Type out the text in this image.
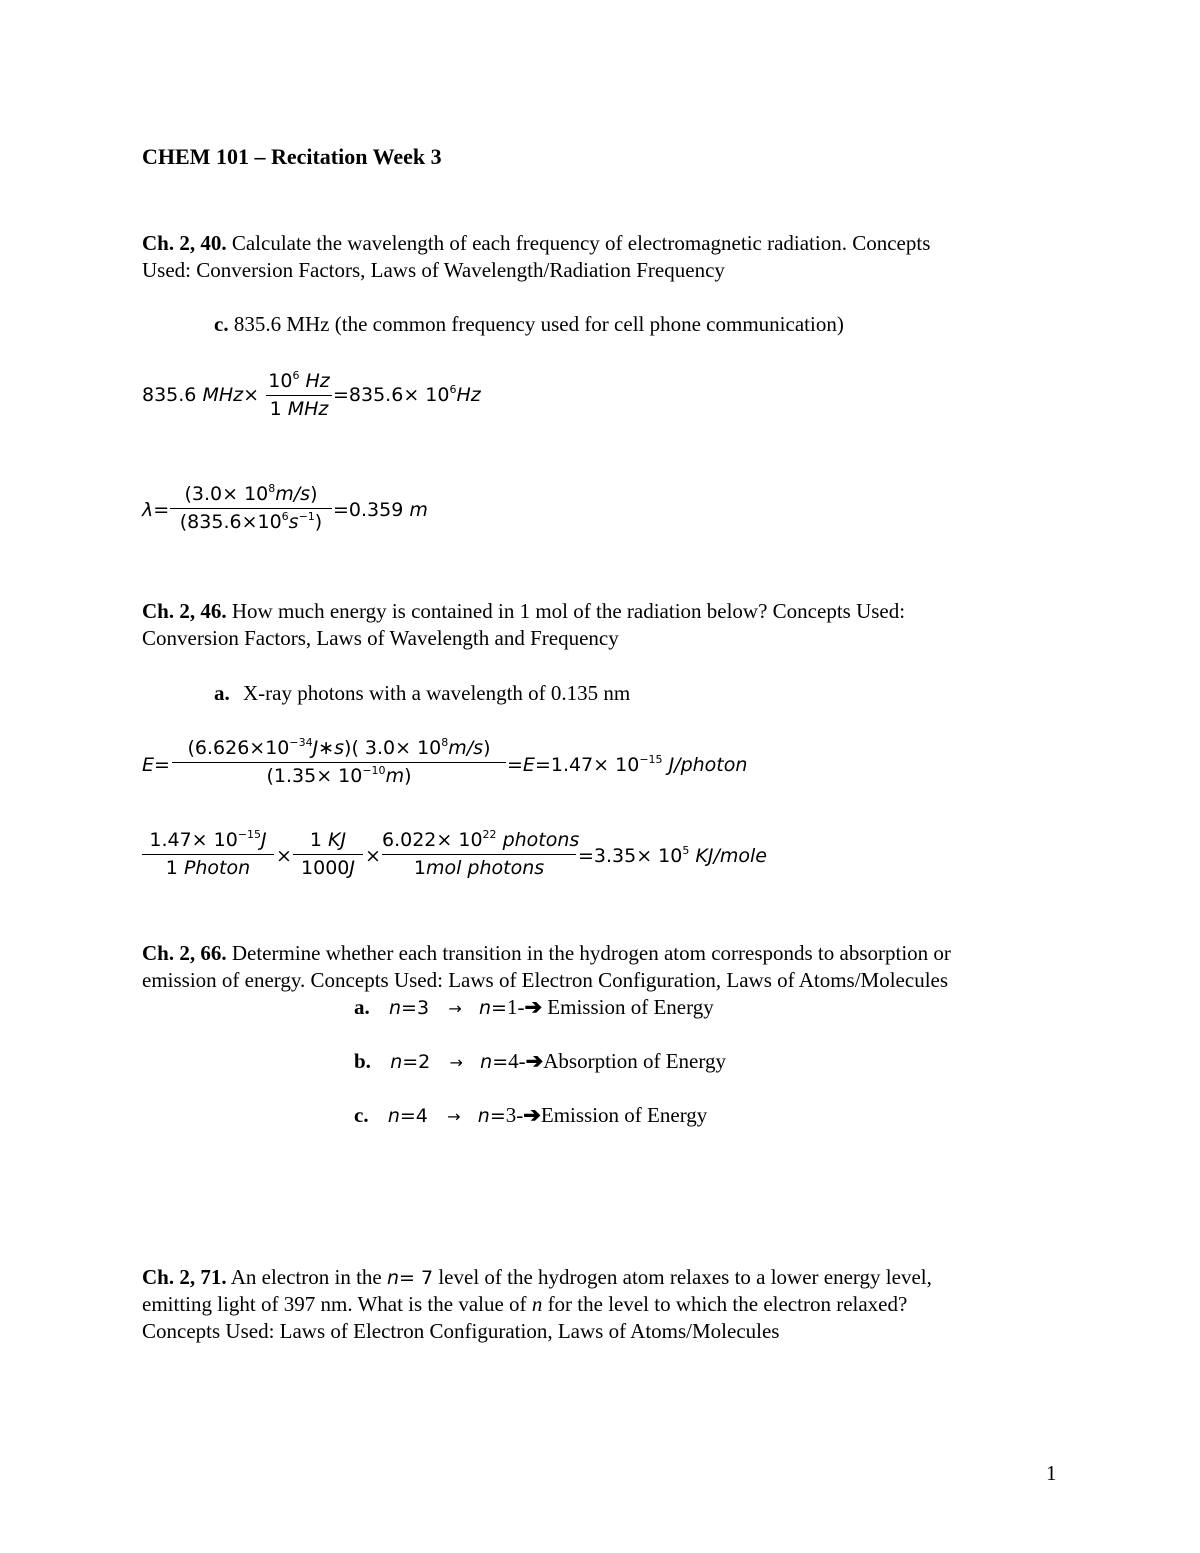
CHEM 101 – Recitation Week 3
Ch. 2, 40. Calculate the wavelength of each frequency of electromagnetic radiation. Concepts
Used: Conversion Factors, Laws of Wavelength/Radiation Frequency
c. 835.6 MHz (the common frequency used for cell phone communication)
835.6 MHz×
$10^6$ Hz
1 MHz
$=835.6\times 10^6Hz$
λ=
$(3.0\times 10^8m/s)$
$(835.6\times 10^6s^{-1})$
=0.359 m
Ch. 2, 46. How much energy is contained in 1 mol of the radiation below? Concepts Used:
Conversion Factors, Laws of Wavelength and Frequency
a. X-ray photons with a wavelength of 0.135 nm
E=
$(6.626\times 10^{-34}J∗s)$( $3.0\times 10^8m/s$)
$(1.35\times 10^{-10}m)$	$=E=1.47\times 10^{-15}$ J/photon
$1.47\times 10^{-15}J$
1 Photon
×
1 KJ
1000J
×
$6.022\times 10^{22}$ photons
1mol photons
$=3.35\times 10^5$ KJ/mole
Ch. 2, 66. Determine whether each transition in the hydrogen atom corresponds to absorption or
emission of energy. Concepts Used: Laws of Electron Configuration, Laws of Atoms/Molecules
a. n=3 → n=1-➔ Emission of Energy
b. n=2 → n=4-➔Absorption of Energy
c. n=4 → n=3-➔Emission of Energy
Ch. 2, 71. An electron in the n= 7 level of the hydrogen atom relaxes to a lower energy level,
emitting light of 397 nm. What is the value of n for the level to which the electron relaxed?
Concepts Used: Laws of Electron Configuration, Laws of Atoms/Molecules
1
